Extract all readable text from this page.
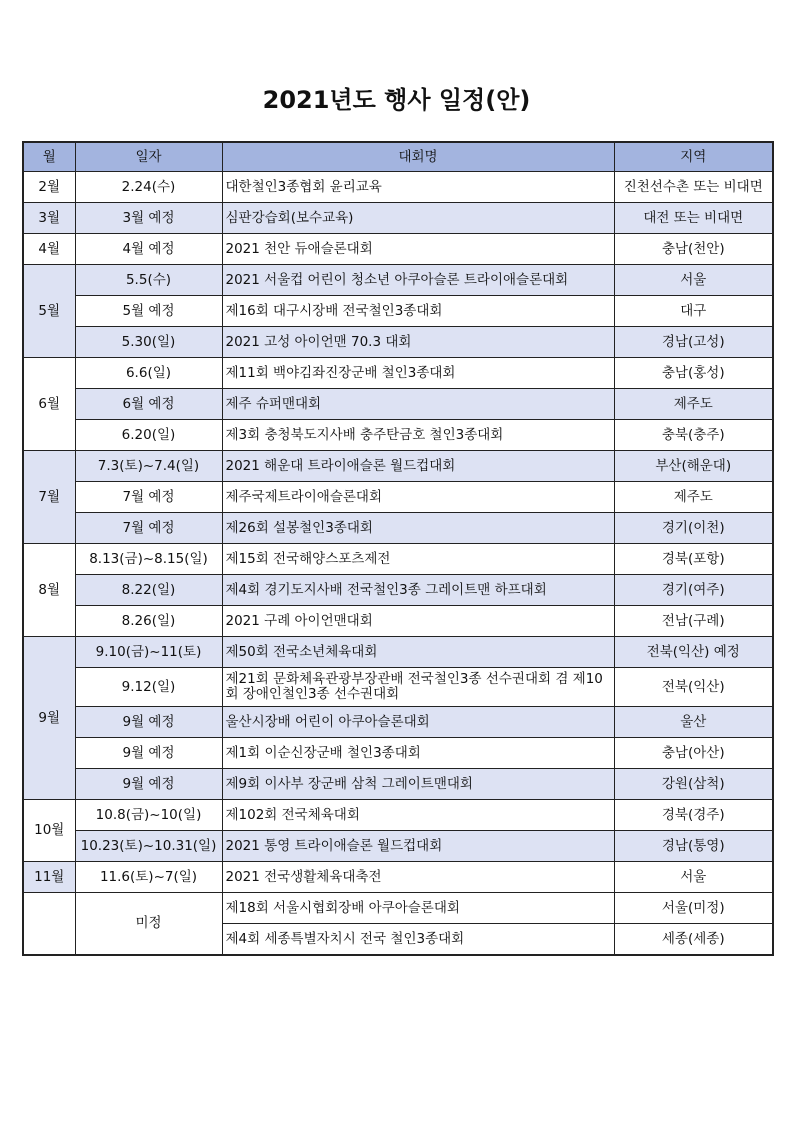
2021년도 행사 일정(안)
월	일자	대회명	지역
2월	2.24(수)	대한철인3종협회 윤리교육	진천선수촌 또는 비대면
3월	3월 예정	심판강습회(보수교육)	대전 또는 비대면
4월	4월 예정	2021 천안 듀애슬론대회	충남(천안)
5월	5.5(수)	2021 서울컵 어린이 청소년 아쿠아슬론 트라이애슬론대회	서울
	5월 예정	제16회 대구시장배 전국철인3종대회	대구
	5.30(일)	2021 고성 아이언맨 70.3 대회	경남(고성)
6월	6.6(일)	제11회 백야김좌진장군배 철인3종대회	충남(홍성)
	6월 예정	제주 슈퍼맨대회	제주도
	6.20(일)	제3회 충청북도지사배 충주탄금호 철인3종대회	충북(충주)
7월	7.3(토)~7.4(일)	2021 해운대 트라이애슬론 월드컵대회	부산(해운대)
	7월 예정	제주국제트라이애슬론대회	제주도
	7월 예정	제26회 설봉철인3종대회	경기(이천)
8월	8.13(금)~8.15(일)	제15회 전국해양스포츠제전	경북(포항)
	8.22(일)	제4회 경기도지사배 전국철인3종 그레이트맨 하프대회	경기(여주)
	8.26(일)	2021 구례 아이언맨대회	전남(구례)
9월	9.10(금)~11(토)	제50회 전국소년체육대회	전북(익산) 예정
	9.12(일)	제21회 문화체육관광부장관배 전국철인3종 선수권대회 겸 제10회 장애인철인3종 선수권대회	전북(익산)
	9월 예정	울산시장배 어린이 아쿠아슬론대회	울산
	9월 예정	제1회 이순신장군배 철인3종대회	충남(아산)
	9월 예정	제9회 이사부 장군배 삼척 그레이트맨대회	강원(삼척)
10월	10.8(금)~10(일)	제102회 전국체육대회	경북(경주)
	10.23(토)~10.31(일)	2021 통영 트라이애슬론 월드컵대회	경남(통영)
11월	11.6(토)~7(일)	2021 전국생활체육대축전	서울
	미정	제18회 서울시협회장배 아쿠아슬론대회	서울(미정)
		제4회 세종특별자치시 전국 철인3종대회	세종(세종)
